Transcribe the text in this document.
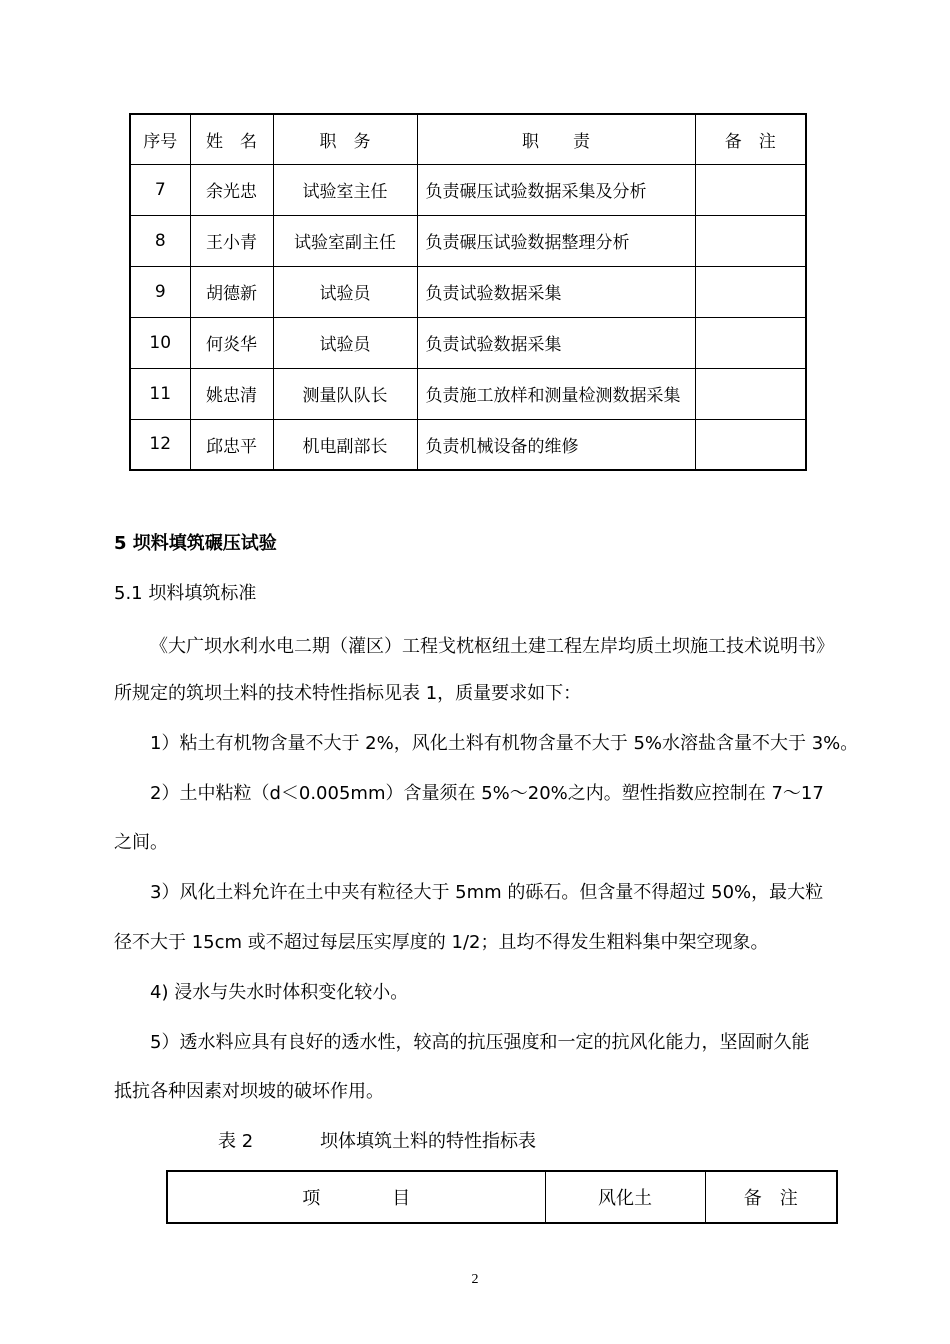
序号	姓　名	职　务	职　　责	备　注
7	余光忠	试验室主任	负责碾压试验数据采集及分析	
8	王小青	试验室副主任	负责碾压试验数据整理分析	
9	胡德新	试验员	负责试验数据采集	
10	何炎华	试验员	负责试验数据采集	
11	姚忠清	测量队队长	负责施工放样和测量检测数据采集	
12	邱忠平	机电副部长	负责机械设备的维修	
5 坝料填筑碾压试验
5.1 坝料填筑标准
《大广坝水利水电二期（灌区）工程戈枕枢纽土建工程左岸均质土坝施工技术说明书》
所规定的筑坝土料的技术特性指标见表 1，质量要求如下：
1）粘土有机物含量不大于 2%，风化土料有机物含量不大于 5%水溶盐含量不大于 3%。
2）土中粘粒（d＜0.005mm）含量须在 5%～20%之内。塑性指数应控制在 7～17
之间。
3）风化土料允许在土中夹有粒径大于 5mm 的砾石。但含量不得超过 50%，最大粒
径不大于 15cm 或不超过每层压实厚度的 1/2；且均不得发生粗料集中架空现象。
4) 浸水与失水时体积变化较小。
5）透水料应具有良好的透水性，较高的抗压强度和一定的抗风化能力，坚固耐久能
抵抗各种因素对坝坡的破坏作用。
表 2	坝体填筑土料的特性指标表
项　　　　目	风化土	备　注
2
